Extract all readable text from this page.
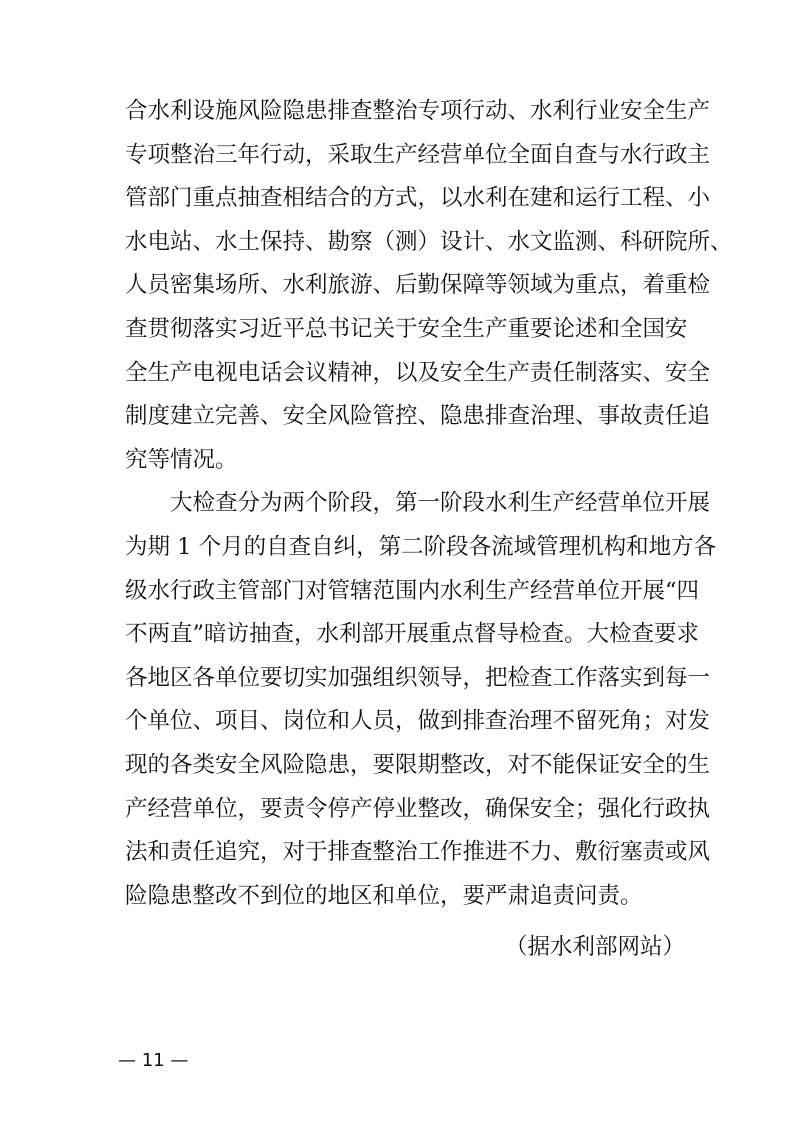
合水利设施风险隐患排查整治专项行动、水利行业安全生产
专项整治三年行动，采取生产经营单位全面自查与水行政主
管部门重点抽查相结合的方式，以水利在建和运行工程、小
水电站、水土保持、勘察（测）设计、水文监测、科研院所、
人员密集场所、水利旅游、后勤保障等领域为重点，着重检
查贯彻落实习近平总书记关于安全生产重要论述和全国安
全生产电视电话会议精神，以及安全生产责任制落实、安全
制度建立完善、安全风险管控、隐患排查治理、事故责任追
究等情况。
大检查分为两个阶段，第一阶段水利生产经营单位开展
为期 1 个月的自查自纠，第二阶段各流域管理机构和地方各
级水行政主管部门对管辖范围内水利生产经营单位开展“四
不两直”暗访抽查，水利部开展重点督导检查。大检查要求
各地区各单位要切实加强组织领导，把检查工作落实到每一
个单位、项目、岗位和人员，做到排查治理不留死角；对发
现的各类安全风险隐患，要限期整改，对不能保证安全的生
产经营单位，要责令停产停业整改，确保安全；强化行政执
法和责任追究，对于排查整治工作推进不力、敷衍塞责或风
险隐患整改不到位的地区和单位，要严肃追责问责。
（据水利部网站）
— 11 —
